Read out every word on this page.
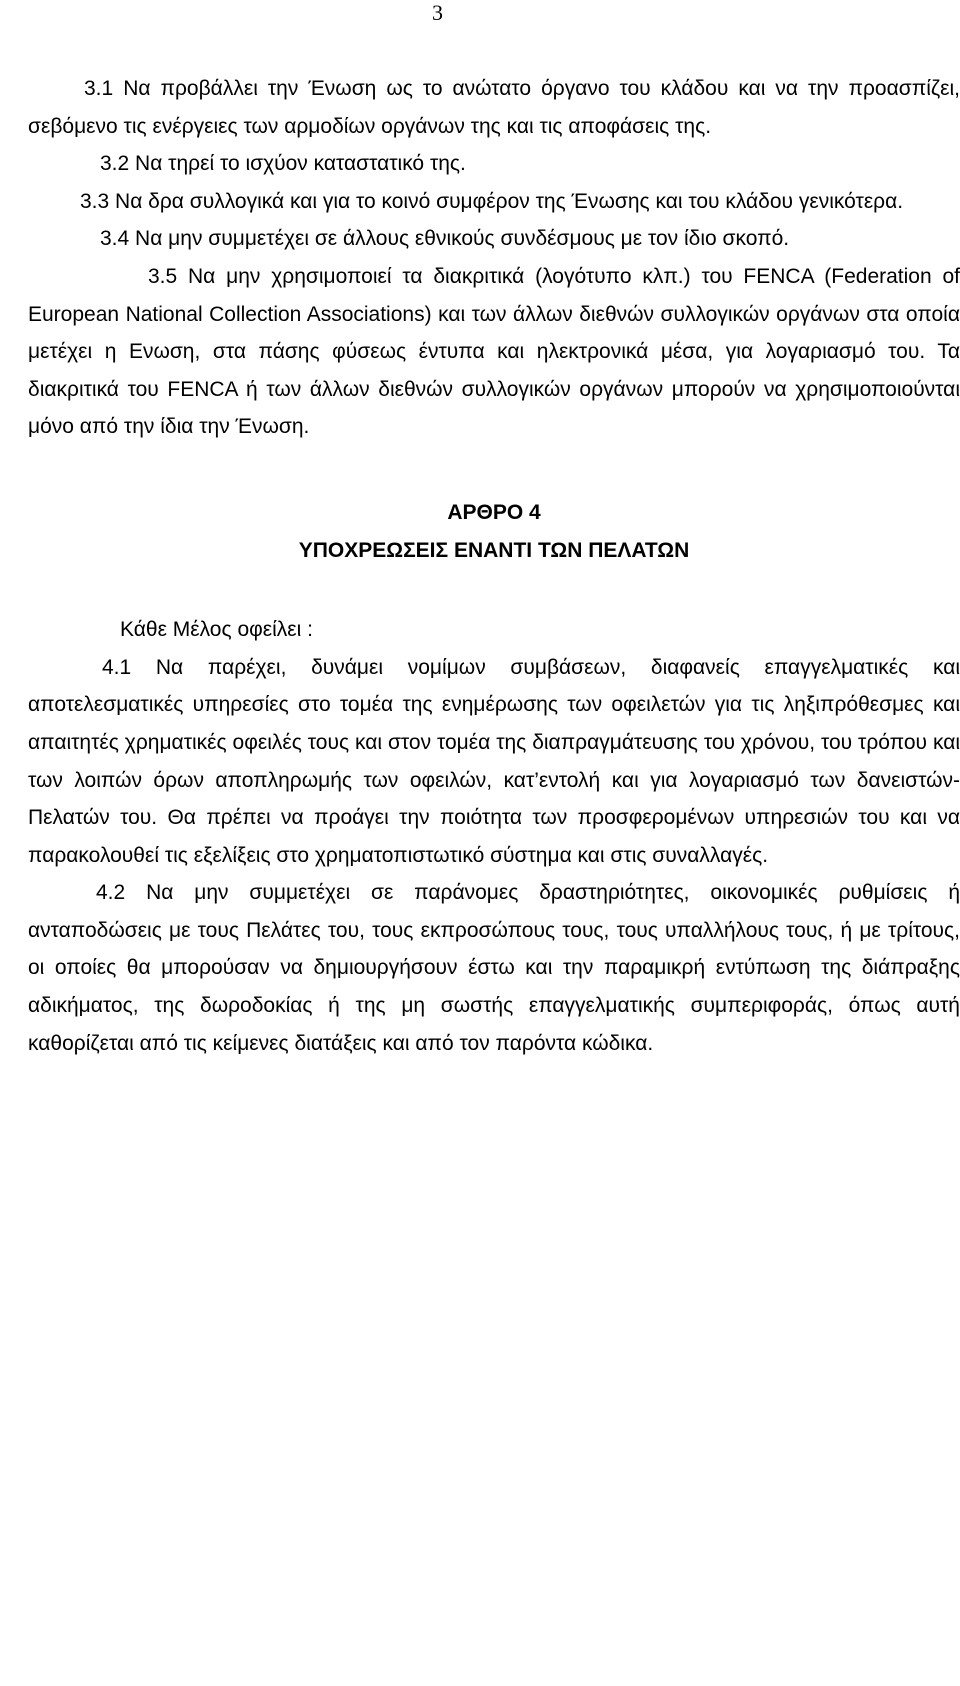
3

3.1 Να προβάλλει την Ένωση ως το ανώτατο όργανο του κλάδου και να την προασπίζει, σεβόμενο τις ενέργειες των αρμοδίων οργάνων της και τις αποφάσεις της.

3.2 Να τηρεί το ισχύον καταστατικό της.

3.3 Να δρα συλλογικά και για το κοινό συμφέρον της Ένωσης και του κλάδου γενικότερα.

3.4 Να μην συμμετέχει σε άλλους εθνικούς συνδέσμους με τον ίδιο σκοπό.

3.5 Να μην χρησιμοποιεί τα διακριτικά (λογότυπο κλπ.) του FENCA (Federation of European National Collection Associations) και των άλλων διεθνών συλλογικών οργάνων στα οποία μετέχει η Ενωση, στα πάσης φύσεως έντυπα και ηλεκτρονικά μέσα, για λογαριασμό του. Τα διακριτικά του FENCA ή των άλλων διεθνών συλλογικών οργάνων μπορούν να χρησιμοποιούνται μόνο από την ίδια την Ένωση.

ΑΡΘΡΟ 4

ΥΠΟΧΡΕΩΣΕΙΣ ΕΝΑΝΤΙ ΤΩΝ ΠΕΛΑΤΩΝ

Κάθε Μέλος οφείλει :

4.1 Να παρέχει, δυνάμει νομίμων συμβάσεων, διαφανείς επαγγελματικές και αποτελεσματικές υπηρεσίες στο τομέα της ενημέρωσης των οφειλετών για τις ληξιπρόθεσμες και απαιτητές χρηματικές οφειλές τους και στον τομέα της διαπραγμάτευσης του χρόνου, του τρόπου και των λοιπών όρων αποπληρωμής των οφειλών, κατ’εντολή και για λογαριασμό των δανειστών-Πελατών του. Θα πρέπει να προάγει την ποιότητα των προσφερομένων υπηρεσιών του και να παρακολουθεί τις εξελίξεις στο χρηματοπιστωτικό σύστημα και στις συναλλαγές.

4.2 Να μην συμμετέχει σε παράνομες δραστηριότητες, οικονομικές ρυθμίσεις ή ανταποδώσεις με τους Πελάτες του, τους εκπροσώπους τους, τους υπαλλήλους τους, ή με τρίτους, οι οποίες θα μπορούσαν να δημιουργήσουν έστω και την παραμικρή εντύπωση της διάπραξης αδικήματος, της δωροδοκίας ή της μη σωστής επαγγελματικής συμπεριφοράς, όπως αυτή καθορίζεται από τις κείμενες διατάξεις και από τον παρόντα κώδικα.
